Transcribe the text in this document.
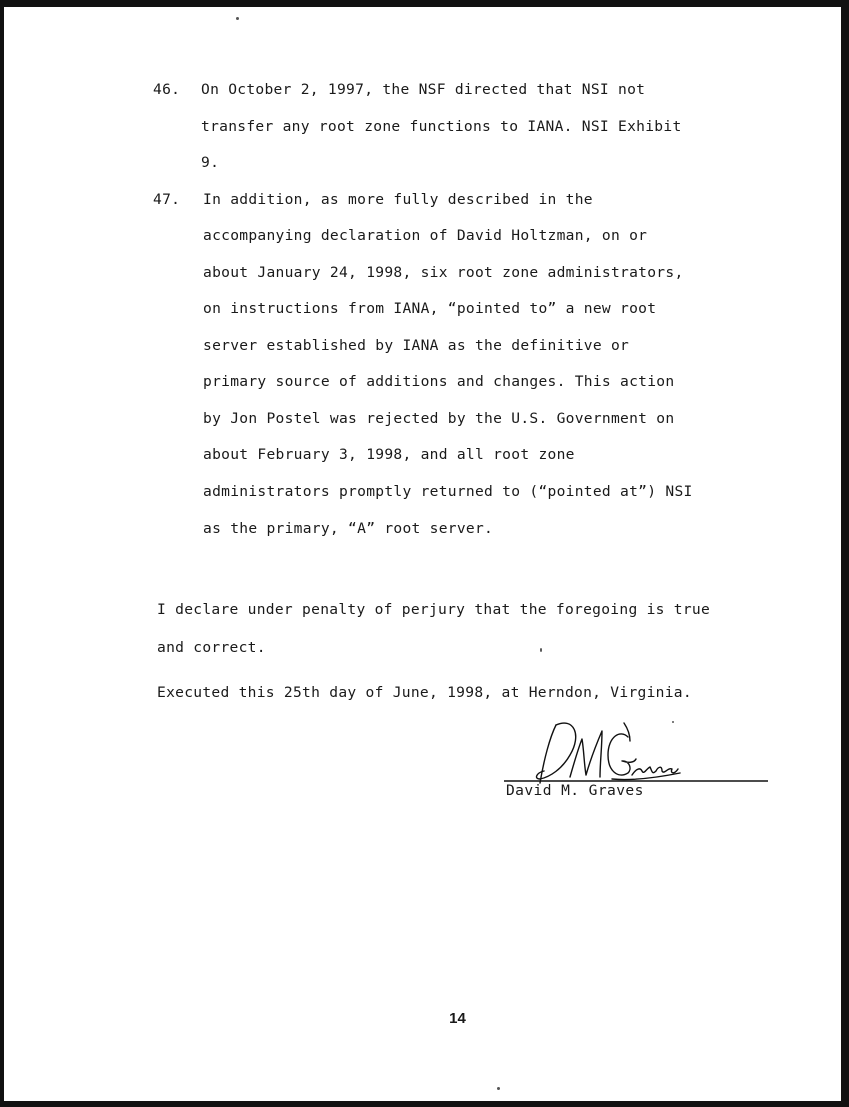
46. On October 2, 1997, the NSF directed that NSI not
transfer any root zone functions to IANA. NSI Exhibit
9.
47. In addition, as more fully described in the
accompanying declaration of David Holtzman, on or
about January 24, 1998, six root zone administrators,
on instructions from IANA, “pointed to” a new root
server established by IANA as the definitive or
primary source of additions and changes. This action
by Jon Postel was rejected by the U.S. Government on
about February 3, 1998, and all root zone
administrators promptly returned to (“pointed at”) NSI
as the primary, “A” root server.
I declare under penalty of perjury that the foregoing is true
and correct.
Executed this 25th day of June, 1998, at Herndon, Virginia.
David M. Graves
14
